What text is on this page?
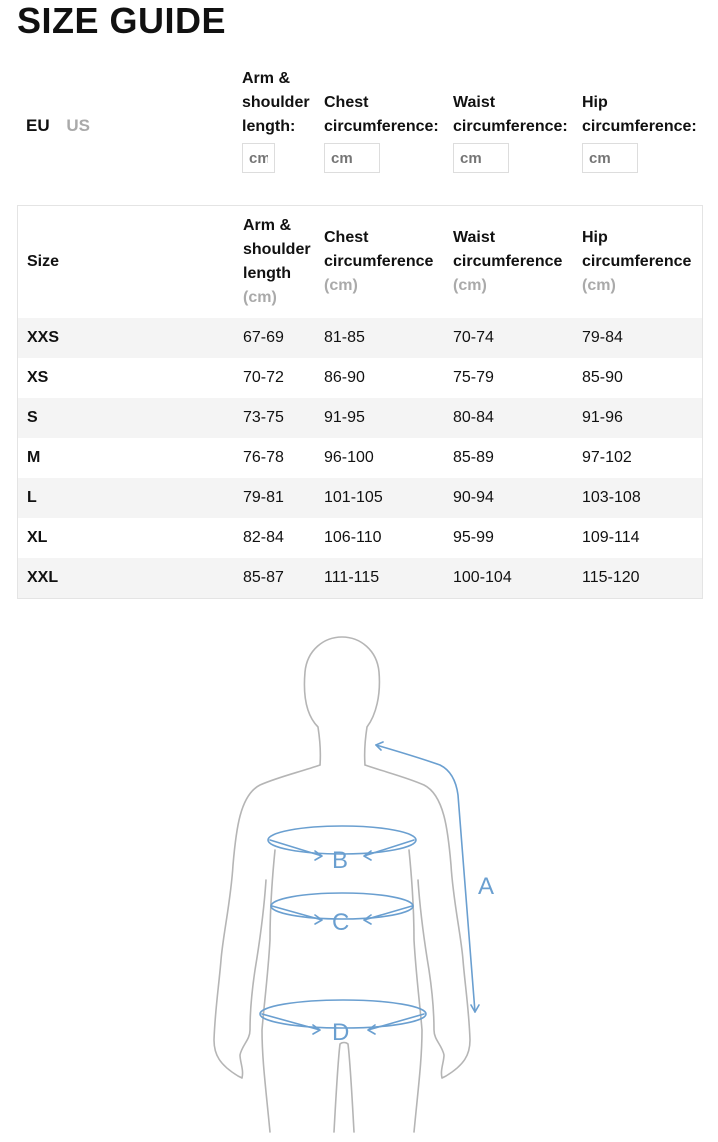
SIZE GUIDE
EU US
Arm &
shoulder
length:
cm
Chest
circumference:
cm
Waist
circumference:
cm
Hip
circumference:
cm
Size	Arm &
shoulder
length
(cm)	Chest
circumference
(cm)	Waist
circumference
(cm)	Hip
circumference
(cm)

XXS	67-69	81-85	70-74	79-84
XS	70-72	86-90	75-79	85-90
S	73-75	91-95	80-84	91-96
M	76-78	96-100	85-89	97-102
L	79-81	101-105	90-94	103-108
XL	82-84	106-110	95-99	109-114
XXL	85-87	111-115	100-104	115-120
A
B
C
D
